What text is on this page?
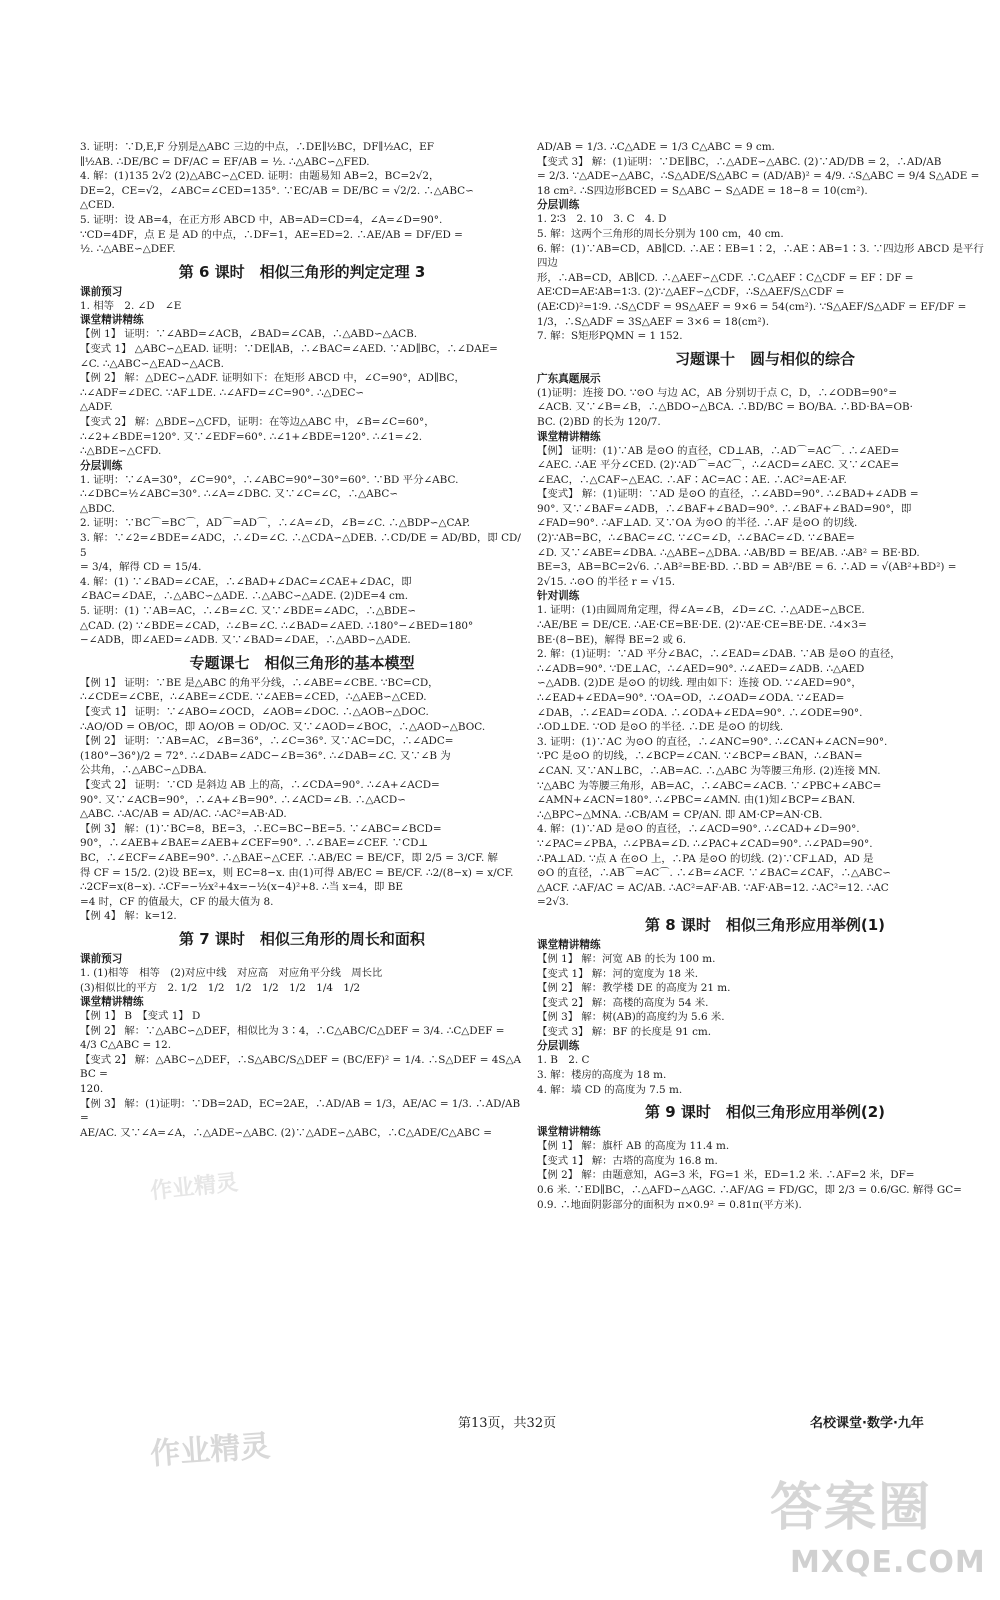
3. 证明：∵D,E,F 分别是△ABC 三边的中点，∴DE∥½BC，DF∥½AC，EF

∥½AB. ∴DE/BC = DF/AC = EF/AB = ½. ∴△ABC∽△FED.

4. 解：(1)135 2√2 (2)△ABC∽△CED. 证明：由题易知 AB=2，BC=2√2，

DE=2，CE=√2，∠ABC=∠CED=135°. ∵EC/AB = DE/BC = √2/2. ∴△ABC∽

△CED.

5. 证明：设 AB=4，在正方形 ABCD 中，AB=AD=CD=4，∠A=∠D=90°.

∵CD=4DF，点 E 是 AD 的中点，∴DF=1，AE=ED=2. ∴AE/AB = DF/ED =

½. ∴△ABE∽△DEF.

第 6 课时　相似三角形的判定定理 3

课前预习

1. 相等　2. ∠D　∠E

课堂精讲精练

【例 1】 证明：∵∠ABD=∠ACB，∠BAD=∠CAB，∴△ABD∽△ACB.

【变式 1】 △ABC∽△EAD. 证明：∵DE∥AB，∴∠BAC=∠AED. ∵AD∥BC，∴∠DAE=

∠C. ∴△ABC∽△EAD∽△ACB.

【例 2】 解：△DEC∽△ADF. 证明如下：在矩形 ABCD 中，∠C=90°，AD∥BC，

∴∠ADF=∠DEC. ∵AF⊥DE. ∴∠AFD=∠C=90°. ∴△DEC∽

△ADF.

【变式 2】 解：△BDE∽△CFD，证明：在等边△ABC 中，∠B=∠C=60°，

∴∠2+∠BDE=120°. 又∵∠EDF=60°. ∴∠1+∠BDE=120°. ∴∠1=∠2.

∴△BDE∽△CFD.

分层训练

1. 证明：∵∠A=30°，∠C=90°，∴∠ABC=90°−30°=60°. ∵BD 平分∠ABC.

∴∠DBC=½∠ABC=30°. ∴∠A=∠DBC. 又∵∠C=∠C，∴△ABC∽

△BDC.

2. 证明：∵BC⌒=BC⌒，AD⌒=AD⌒，∴∠A=∠D，∠B=∠C. ∴△BDP∽△CAP.

3. 解：∵∠2=∠BDE=∠ADC，∴∠D=∠C. ∴△CDA∽△DEB. ∴CD/DE = AD/BD，即 CD/5

= 3/4，解得 CD = 15/4.

4. 解：(1) ∵∠BAD=∠CAE，∴∠BAD+∠DAC=∠CAE+∠DAC，即

∠BAC=∠DAE，∴△ABC∽△ADE. ∴△ABC∽△ADE. (2)DE=4 cm.

5. 证明：(1) ∵AB=AC，∴∠B=∠C. 又∵∠BDE=∠ADC，∴△BDE∽

△CAD. (2) ∵∠BDE=∠CAD，∴∠B=∠C. ∴∠BAD=∠AED. ∴180°−∠BED=180°

−∠ADB，即∠AED=∠ADB. 又∵∠BAD=∠DAE，∴△ABD∽△ADE.

专题课七　相似三角形的基本模型

【例 1】 证明：∵BE 是△ABC 的角平分线，∴∠ABE=∠CBE. ∵BC=CD，

∴∠CDE=∠CBE，∴∠ABE=∠CDE. ∵∠AEB=∠CED，∴△AEB∽△CED.

【变式 1】 证明：∵∠ABO=∠OCD，∠AOB=∠DOC. ∴△AOB∽△DOC.

∴AO/OD = OB/OC，即 AO/OB = OD/OC. 又∵∠AOD=∠BOC，∴△AOD∽△BOC.

【例 2】 证明：∵AB=AC，∠B=36°，∴∠C=36°. 又∵AC=DC，∴∠ADC=

(180°−36°)/2 = 72°. ∴∠DAB=∠ADC−∠B=36°. ∴∠DAB=∠C. 又∵∠B 为

公共角，∴△ABC∽△DBA.

【变式 2】 证明：∵CD 是斜边 AB 上的高，∴∠CDA=90°. ∴∠A+∠ACD=

90°. 又∵∠ACB=90°，∴∠A+∠B=90°. ∴∠ACD=∠B. ∴△ACD∽

△ABC. ∴AC/AB = AD/AC. ∴AC²=AB·AD.

【例 3】 解：(1)∵BC=8，BE=3，∴EC=BC−BE=5. ∵∠ABC=∠BCD=

90°，∴∠AEB+∠BAE=∠AEB+∠CEF=90°. ∴∠BAE=∠CEF. ∵CD⊥

BC，∴∠ECF=∠ABE=90°. ∴△BAE∽△CEF. ∴AB/EC = BE/CF，即 2/5 = 3/CF. 解

得 CF = 15/2. (2)设 BE=x，则 EC=8−x. 由(1)可得 AB/EC = BE/CF. ∴2/(8−x) = x/CF.

∴2CF=x(8−x). ∴CF=−½x²+4x=−½(x−4)²+8. ∴当 x=4，即 BE

=4 时，CF 的值最大，CF 的最大值为 8.

【例 4】 解：k=12.

第 7 课时　相似三角形的周长和面积

课前预习

1. (1)相等　相等　(2)对应中线　对应高　对应角平分线　周长比

(3)相似比的平方　2. 1/2　1/2　1/2　1/2　1/2　1/4　1/2

课堂精讲精练

【例 1】 B　【变式 1】 D

【例 2】 解：∵△ABC∽△DEF，相似比为 3∶4，∴C△ABC/C△DEF = 3/4. ∴C△DEF =

4/3 C△ABC = 12.

【变式 2】 解：△ABC∽△DEF，∴S△ABC/S△DEF = (BC/EF)² = 1/4. ∴S△DEF = 4S△ABC =

120.

【例 3】 解：(1)证明：∵DB=2AD，EC=2AE，∴AD/AB = 1/3，AE/AC = 1/3. ∴AD/AB =

AE/AC. 又∵∠A=∠A，∴△ADE∽△ABC. (2)∵△ADE∽△ABC，∴C△ADE/C△ABC =

AD/AB = 1/3. ∴C△ADE = 1/3 C△ABC = 9 cm.

【变式 3】 解：(1)证明：∵DE∥BC，∴△ADE∽△ABC. (2)∵AD/DB = 2，∴AD/AB

= 2/3. ∵△ADE∽△ABC，∴S△ADE/S△ABC = (AD/AB)² = 4/9. ∴S△ABC = 9/4 S△ADE =

18 cm². ∴S四边形BCED = S△ABC − S△ADE = 18−8 = 10(cm²).

分层训练

1. 2∶3　2. 10　3. C　4. D

5. 解：这两个三角形的周长分别为 100 cm，40 cm.

6. 解：(1)∵AB=CD，AB∥CD. ∴AE∶EB=1∶2，∴AE∶AB=1∶3. ∵四边形 ABCD 是平行四边

形，∴AB=CD，AB∥CD. ∴△AEF∽△CDF. ∴C△AEF∶C△CDF = EF∶DF =

AE∶CD=AE∶AB=1∶3. (2)∵△AEF∽△CDF，∴S△AEF/S△CDF =

(AE∶CD)²=1∶9. ∴S△CDF = 9S△AEF = 9×6 = 54(cm²). ∵S△AEF/S△ADF = EF/DF =

1/3，∴S△ADF = 3S△AEF = 3×6 = 18(cm²).

7. 解：S矩形PQMN = 1 152.

习题课十　圆与相似的综合

广东真题展示

(1)证明：连接 DO. ∵⊙O 与边 AC，AB 分别切于点 C，D，∴∠ODB=90°=

∠ACB. 又∵∠B=∠B，∴△BDO∽△BCA. ∴BD/BC = BO/BA. ∴BD·BA=OB·

BC. (2)BD 的长为 120/7.

课堂精讲精练

【例】 证明：(1)∵AB 是⊙O 的直径，CD⊥AB，∴AD⌒=AC⌒. ∴∠AED=

∠AEC. ∴AE 平分∠CED. (2)∵AD⌒=AC⌒，∴∠ACD=∠AEC. 又∵∠CAE=

∠EAC，∴△CAF∽△EAC. ∴AF∶AC=AC∶AE. ∴AC²=AE·AF.

【变式】 解：(1)证明：∵AD 是⊙O 的直径，∴∠ABD=90°. ∴∠BAD+∠ADB =

90°. 又∵∠BAF=∠ADB，∴∠BAF+∠BAD=90°. ∴∠BAF+∠BAD=90°，即

∠FAD=90°. ∴AF⊥AD. 又∵OA 为⊙O 的半径. ∴AF 是⊙O 的切线.

(2)∵AB=BC，∴∠BAC=∠C. ∵∠C=∠D，∴∠BAC=∠D. ∵∠BAE=

∠D. 又∵∠ABE=∠DBA. ∴△ABE∽△DBA. ∴AB/BD = BE/AB. ∴AB² = BE·BD.

BE=3，AB=BC=2√6. ∴AB²=BE·BD. ∴BD = AB²/BE = 6. ∴AD = √(AB²+BD²) =

2√15. ∴⊙O 的半径 r = √15.

针对训练

1. 证明：(1)由圆周角定理，得∠A=∠B，∠D=∠C. ∴△ADE∽△BCE.

∴AE/BE = DE/CE. ∴AE·CE=BE·DE. (2)∵AE·CE=BE·DE. ∴4×3=

BE·(8−BE)，解得 BE=2 或 6.

2. 解：(1)证明：∵AD 平分∠BAC，∴∠EAD=∠DAB. ∵AB 是⊙O 的直径，

∴∠ADB=90°. ∵DE⊥AC，∴∠AED=90°. ∴∠AED=∠ADB. ∴△AED

∽△ADB. (2)DE 是⊙O 的切线. 理由如下：连接 OD. ∵∠AED=90°，

∴∠EAD+∠EDA=90°. ∵OA=OD，∴∠OAD=∠ODA. ∵∠EAD=

∠DAB，∴∠EAD=∠ODA. ∴∠ODA+∠EDA=90°. ∴∠ODE=90°.

∴OD⊥DE. ∵OD 是⊙O 的半径. ∴DE 是⊙O 的切线.

3. 证明：(1)∵AC 为⊙O 的直径，∴∠ANC=90°. ∴∠CAN+∠ACN=90°.

∵PC 是⊙O 的切线，∴∠BCP=∠CAN. ∵∠BCP=∠BAN，∴∠BAN=

∠CAN. 又∵AN⊥BC，∴AB=AC. ∴△ABC 为等腰三角形. (2)连接 MN.

∵△ABC 为等腰三角形，AB=AC，∴∠ABC=∠ACB. ∵∠PBC+∠ABC=

∠AMN+∠ACN=180°. ∴∠PBC=∠AMN. 由(1)知∠BCP=∠BAN.

∴△BPC∽△MNA. ∴CB/AM = CP/AN. 即 AM·CP=AN·CB.

4. 解：(1)∵AD 是⊙O 的直径，∴∠ACD=90°. ∴∠CAD+∠D=90°.

∵∠PAC=∠PBA，∴∠PBA=∠D. ∴∠PAC+∠CAD=90°. ∴∠PAD=90°.

∴PA⊥AD. ∵点 A 在⊙O 上，∴PA 是⊙O 的切线. (2)∵CF⊥AD，AD 是

⊙O 的直径，∴AB⌒=AC⌒. ∴∠B=∠ACF. ∵∠BAC=∠CAF，∴△ABC∽

△ACF. ∴AF/AC = AC/AB. ∴AC²=AF·AB. ∵AF·AB=12. ∴AC²=12. ∴AC

=2√3.

第 8 课时　相似三角形应用举例(1)

课堂精讲精练

【例 1】 解：河宽 AB 的长为 100 m.

【变式 1】 解：河的宽度为 18 米.

【例 2】 解：教学楼 DE 的高度为 21 m.

【变式 2】 解：高楼的高度为 54 米.

【例 3】 解：树(AB)的高度约为 5.6 米.

【变式 3】 解：BF 的长度是 91 cm.

分层训练

1. B　2. C

3. 解：楼房的高度为 18 m.

4. 解：墙 CD 的高度为 7.5 m.

第 9 课时　相似三角形应用举例(2)

课堂精讲精练

【例 1】 解：旗杆 AB 的高度为 11.4 m.

【变式 1】 解：古塔的高度为 16.8 m.

【例 2】 解：由题意知，AG=3 米，FG=1 米，ED=1.2 米. ∴AF=2 米，DF=

0.6 米. ∵ED∥BC，∴△AFD∽△AGC. ∴AF/AG = FD/GC，即 2/3 = 0.6/GC. 解得 GC=

0.9. ∴地面阴影部分的面积为 π×0.9² = 0.81π(平方米).

第13页，共32页	名校课堂·数学·九年
作业精灵
作业精灵
答案圈
MXQE.COM
